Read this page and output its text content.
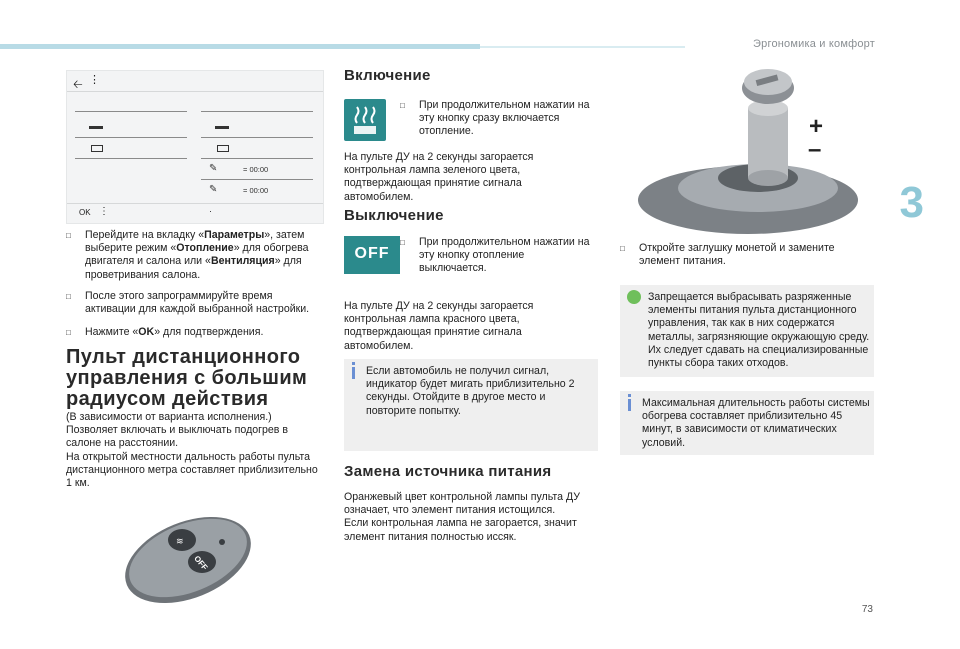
Эргономика и комфорт
3
73
🡠 ⋮
✎	= 00:00
✎	= 00:00
OK ⋮	·
□ Перейдите на вкладку «Параметры», затем выберите режим «Отопление» для обогрева двигателя и салона или «Вентиляция» для проветривания салона.
□ После этого запрограммируйте время активации для каждой выбранной настройки.
□ Нажмите «OK» для подтверждения.
Пульт дистанционного управления с большим радиусом действия
(В зависимости от варианта исполнения.)
Позволяет включать и выключать подогрев в салоне на расстоянии.
На открытой местности дальность работы пульта дистанционного метра составляет приблизительно 1 км.
≋
OFF
Включение
□ При продолжительном нажатии на эту кнопку сразу включается отопление.
На пульте ДУ на 2 секунды загорается контрольная лампа зеленого цвета, подтверждающая принятие сигнала автомобилем.
Выключение
OFF
□ При продолжительном нажатии на эту кнопку отопление выключается.
На пульте ДУ на 2 секунды загорается контрольная лампа красного цвета, подтверждающая принятие сигнала автомобилем.
Если автомобиль не получил сигнал, индикатор будет мигать приблизительно 2 секунды. Отойдите в другое место и повторите попытку.
Замена источника питания
Оранжевый цвет контрольной лампы пульта ДУ означает, что элемент питания истощился.
Если контрольная лампа не загорается, значит элемент питания полностью иссяк.
+
–
□ Откройте заглушку монетой и замените элемент питания.
Запрещается выбрасывать разряженные элементы питания пульта дистанционного управления, так как в них содержатся металлы, загрязняющие окружающую среду. Их следует сдавать на специализированные пункты сбора таких отходов.
Максимальная длительность работы системы обогрева составляет приблизительно 45 минут, в зависимости от климатических условий.
